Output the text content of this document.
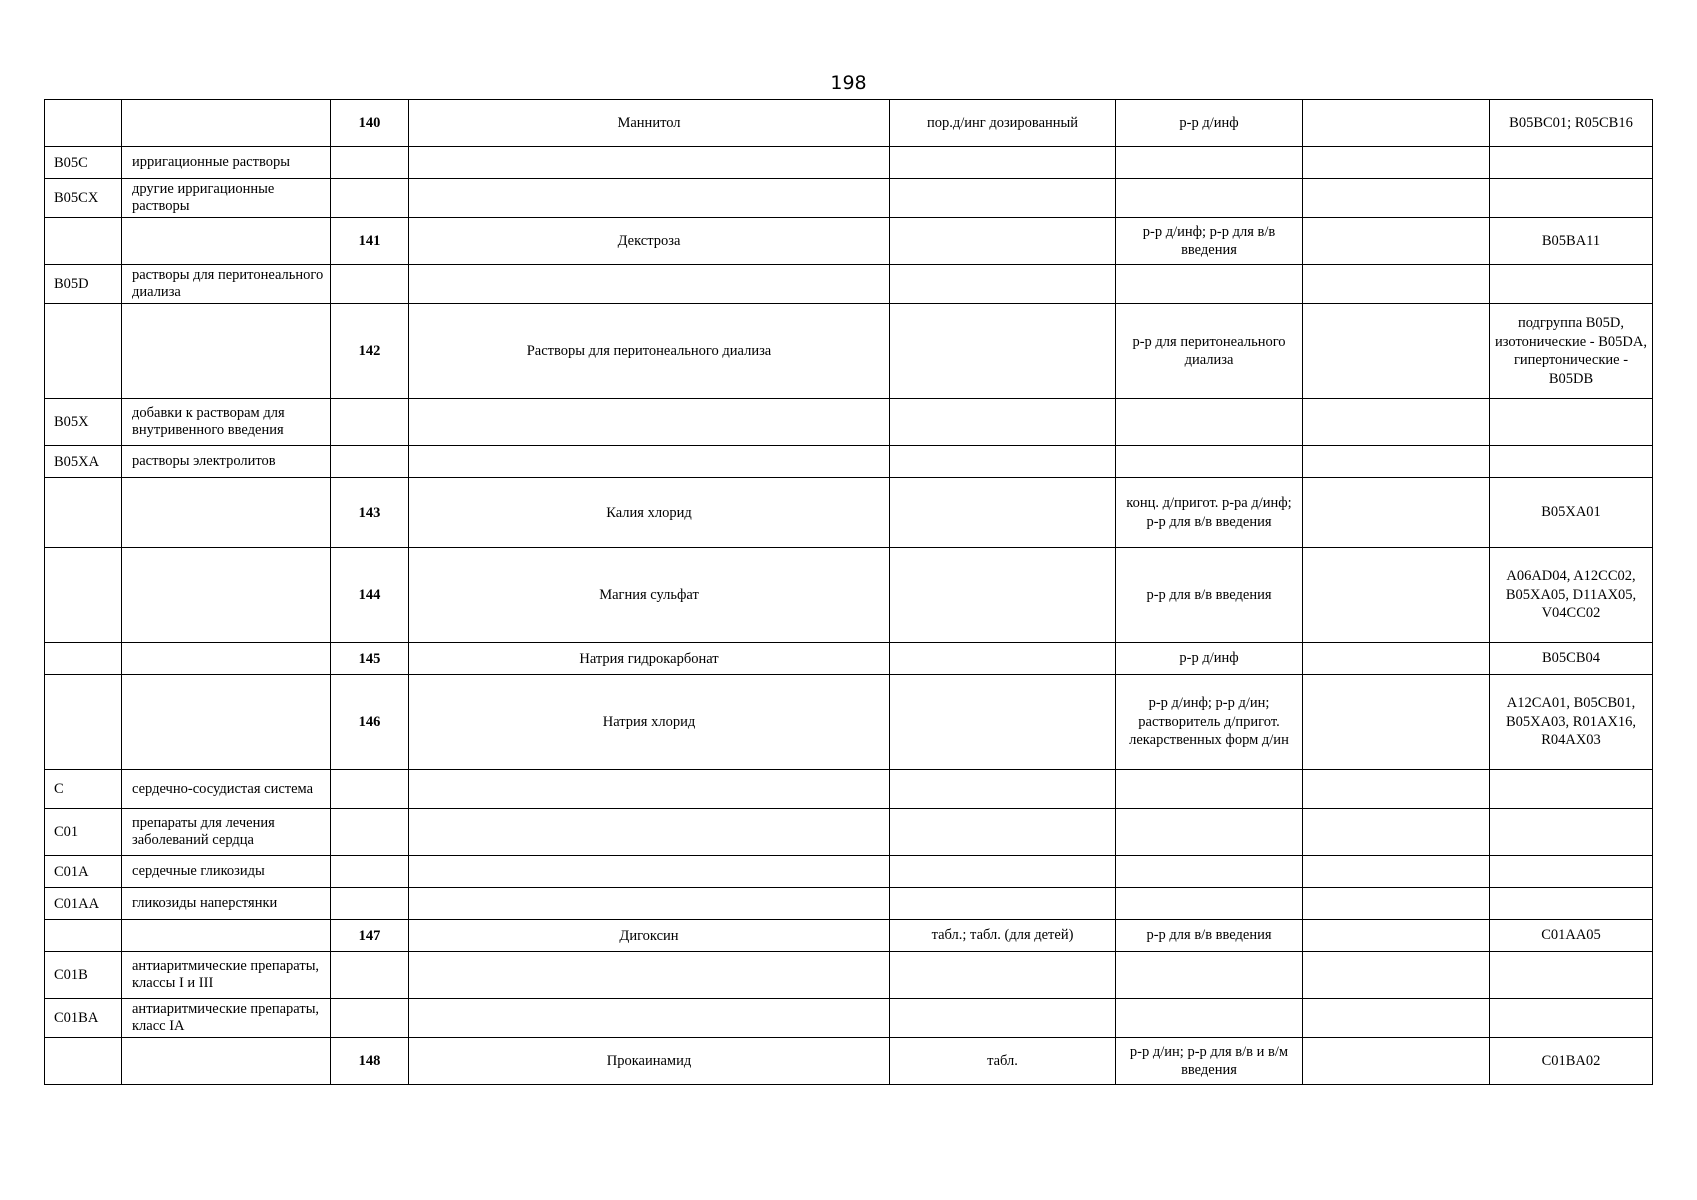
198
		140	Маннитол	пор.д/инг дозированный	р-р д/инф		B05BC01; R05CB16
B05C	ирригационные растворы						
B05CX	другие ирригационные растворы						
		141	Декстроза		р-р д/инф; р-р для в/в введения		B05BA11
B05D	растворы для перитонеального диализа						
		142	Растворы для перитонеального диализа		р-р для перитонеального диализа		подгруппа B05D, изотонические - B05DA, гипертонические - B05DB
B05X	добавки к растворам для внутривенного введения						
B05XA	растворы электролитов						
		143	Калия хлорид		конц. д/пригот. р-ра д/инф; р-р для в/в введения		B05XA01
		144	Магния сульфат		р-р для в/в введения		A06AD04, A12CC02, B05XA05, D11AX05, V04CC02
		145	Натрия гидрокарбонат		р-р д/инф		B05CB04
		146	Натрия хлорид		р-р д/инф; р-р д/ин; растворитель д/пригот. лекарственных форм д/ин		A12CA01, B05CB01, B05XA03, R01AX16, R04AX03
C	сердечно-сосудистая система						
C01	препараты для лечения заболеваний сердца						
C01A	сердечные гликозиды						
C01AA	гликозиды наперстянки						
		147	Дигоксин	табл.; табл. (для детей)	р-р для в/в введения		C01AA05
C01B	антиаритмические препараты, классы I и III						
C01BA	антиаритмические препараты, класс IA						
		148	Прокаинамид	табл.	р-р д/ин; р-р для в/в и в/м введения		C01BA02
